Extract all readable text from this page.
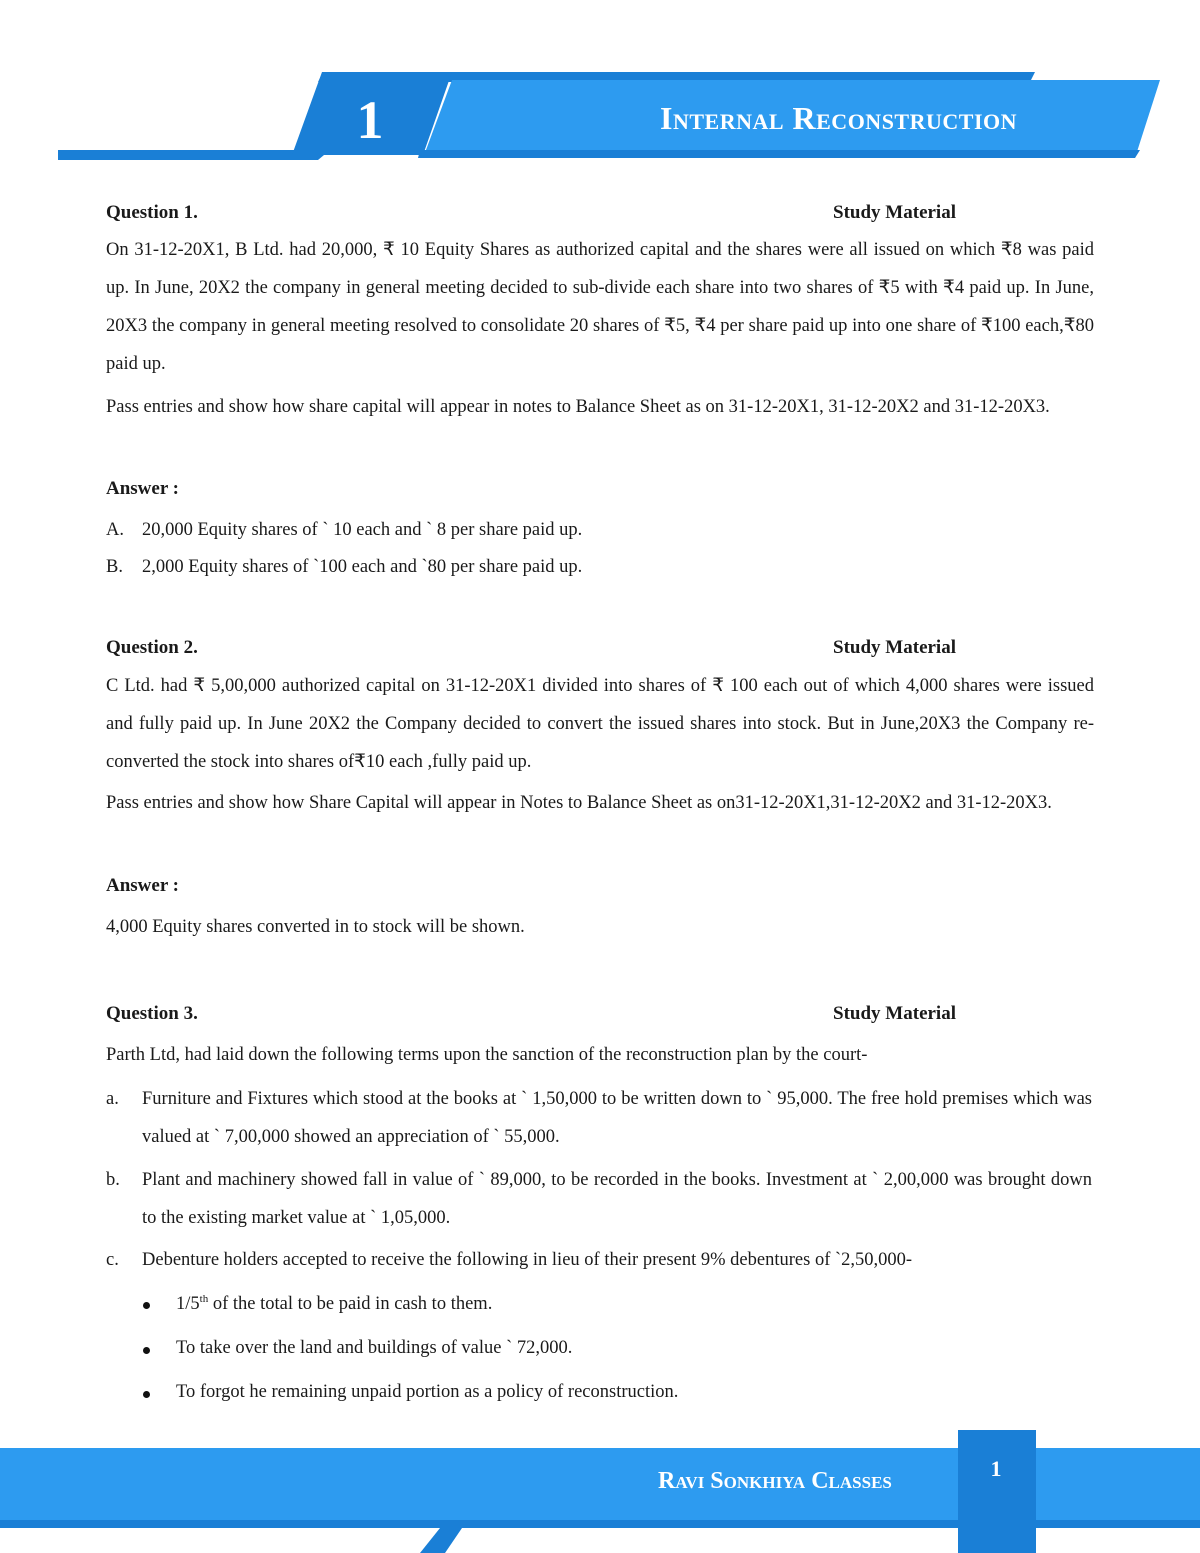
1	Internal Reconstruction
Question 1.	Study Material
On 31-12-20X1, B Ltd. had 20,000, ₹ 10 Equity Shares as authorized capital and the shares were all issued on which ₹8 was paid up. In June, 20X2 the company in general meeting decided to sub-divide each share into two shares of ₹5 with ₹4 paid up. In June, 20X3 the company in general meeting resolved to consolidate 20 shares of ₹5, ₹4 per share paid up into one share of ₹100 each,₹80 paid up.
Pass entries and show how share capital will appear in notes to Balance Sheet as on 31-12-20X1, 31-12-20X2 and 31-12-20X3.
Answer :
A. 20,000 Equity shares of ` 10 each and ` 8 per share paid up.
B. 2,000 Equity shares of `100 each and `80 per share paid up.
Question 2.	Study Material
C Ltd. had ₹ 5,00,000 authorized capital on 31-12-20X1 divided into shares of ₹ 100 each out of which 4,000 shares were issued and fully paid up. In June 20X2 the Company decided to convert the issued shares into stock. But in June,20X3 the Company re-converted the stock into shares of₹10 each ,fully paid up.
Pass entries and show how Share Capital will appear in Notes to Balance Sheet as on31-12-20X1,31-12-20X2 and 31-12-20X3.
Answer :
4,000 Equity shares converted in to stock will be shown.
Question 3.	Study Material
Parth Ltd, had laid down the following terms upon the sanction of the reconstruction plan by the court-
a. Furniture and Fixtures which stood at the books at ` 1,50,000 to be written down to ` 95,000. The free hold premises which was valued at ` 7,00,000 showed an appreciation of ` 55,000.
b. Plant and machinery showed fall in value of ` 89,000, to be recorded in the books. Investment at ` 2,00,000 was brought down to the existing market value at ` 1,05,000.
c. Debenture holders accepted to receive the following in lieu of their present 9% debentures of `2,50,000-
1/5th of the total to be paid in cash to them.
To take over the land and buildings of value ` 72,000.
To forgot he remaining unpaid portion as a policy of reconstruction.
Ravi Sonkhiya Classes	1
